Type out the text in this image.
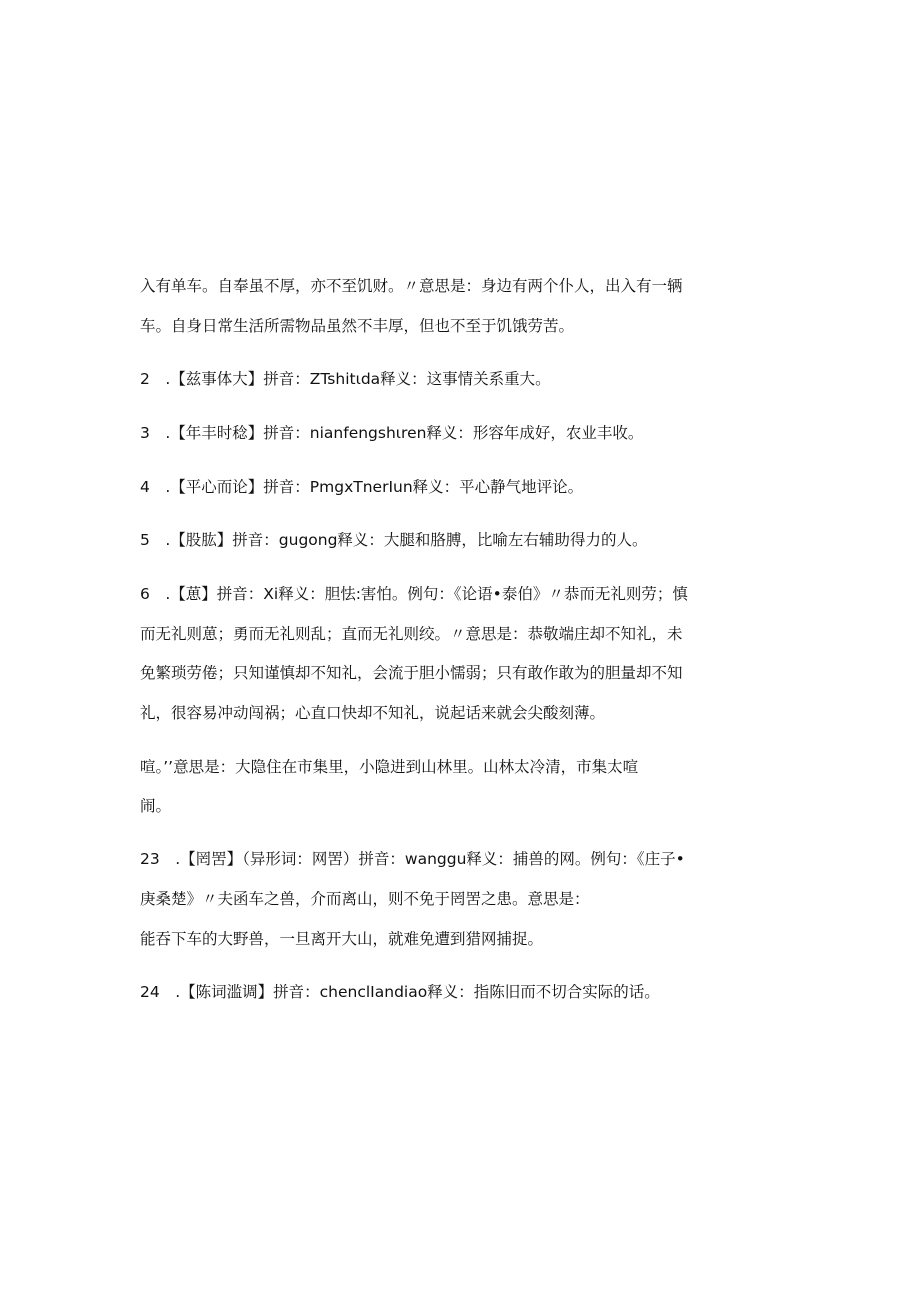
入有单车。自奉虽不厚，亦不至饥财。〃意思是：身边有两个仆人，出入有一辆
车。自身日常生活所需物品虽然不丰厚，但也不至于饥饿劳苦。
2　.【兹事体大】拼音：ZTshitιda释义：这事情关系重大。
3　.【年丰时稔】拼音：nianfengshιren释义：形容年成好，农业丰收。
4　.【平心而论】拼音：PmgxTnerIun释义：平心静气地评论。
5　.【股肱】拼音：gugong释义：大腿和胳膊，比喻左右辅助得力的人。
6　.【葸】拼音：Xi释义：胆怯:害怕。例句：《论语•泰伯》〃恭而无礼则劳；慎
而无礼则葸；勇而无礼则乱；直而无礼则绞。〃意思是：恭敬端庄却不知礼，未
免繁琐劳倦；只知谨慎却不知礼，会流于胆小懦弱；只有敢作敢为的胆量却不知
礼，很容易冲动闯祸；心直口快却不知礼，说起话来就会尖酸刻薄。
喧。’’意思是：大隐住在市集里，小隐进到山林里。山林太冷清，市集太喧
闹。
23　.【罔罟】（异形词：网罟）拼音：wanggu释义：捕兽的网。例句：《庄子•
庚桑楚》〃夫函车之兽，介而离山，则不免于罔罟之患。意思是：
能吞下车的大野兽，一旦离开大山，就难免遭到猎网捕捉。
24　.【陈词滥调】拼音：chenclIandiao释义：指陈旧而不切合实际的话。
